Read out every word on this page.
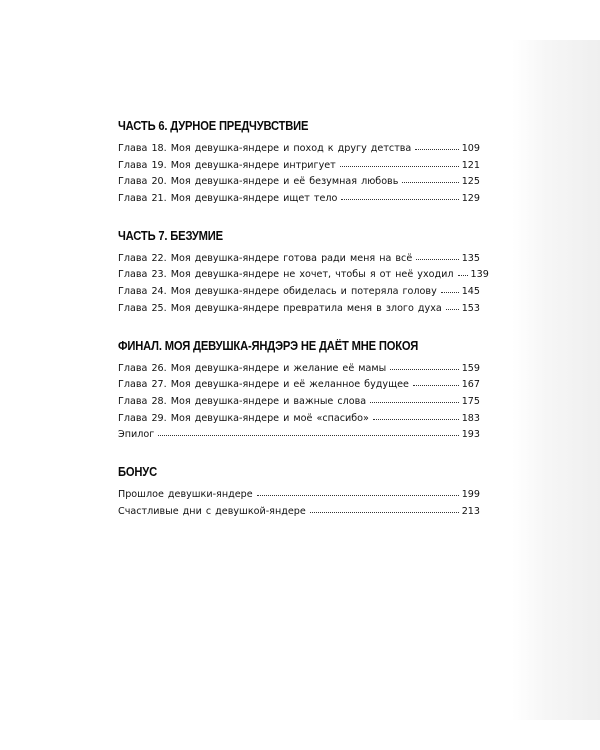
ЧАСТЬ 6. ДУРНОЕ ПРЕДЧУВСТВИЕ
Глава 18. Моя девушка-яндере и поход к другу детства	109
Глава 19. Моя девушка-яндере интригует	121
Глава 20. Моя девушка-яндере и её безумная любовь	125
Глава 21. Моя девушка-яндере ищет тело	129
ЧАСТЬ 7. БЕЗУМИЕ
Глава 22. Моя девушка-яндере готова ради меня на всё	135
Глава 23. Моя девушка-яндере не хочет, чтобы я от неё уходил 139
Глава 24. Моя девушка-яндере обиделась и потеряла голову	145
Глава 25. Моя девушка-яндере превратила меня в злого духа 153
ФИНАЛ. МОЯ ДЕВУШКА-ЯНДЭРЭ НЕ ДАЁТ МНЕ ПОКОЯ
Глава 26. Моя девушка-яндере и желание её мамы	159
Глава 27. Моя девушка-яндере и её желанное будущее	167
Глава 28. Моя девушка-яндере и важные слова	175
Глава 29. Моя девушка-яндере и моё «спасибо»	183
Эпилог	193
БОНУС
Прошлое девушки-яндере	199
Счастливые дни с девушкой-яндере	213
